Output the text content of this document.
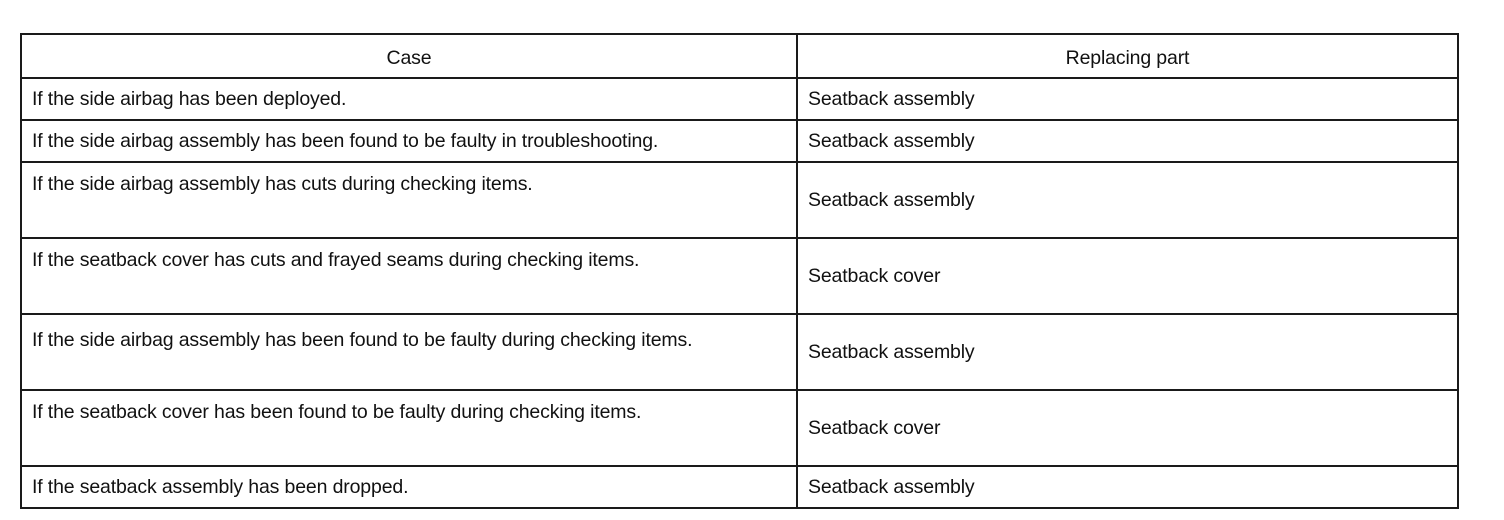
Case	Replacing part
If the side airbag has been deployed.	Seatback assembly
If the side airbag assembly has been found to be faulty in troubleshooting.	Seatback assembly
If the side airbag assembly has cuts during checking items.	Seatback assembly
If the seatback cover has cuts and frayed seams during checking items.	Seatback cover
If the side airbag assembly has been found to be faulty during checking items.	Seatback assembly
If the seatback cover has been found to be faulty during checking items.	Seatback cover
If the seatback assembly has been dropped.	Seatback assembly
